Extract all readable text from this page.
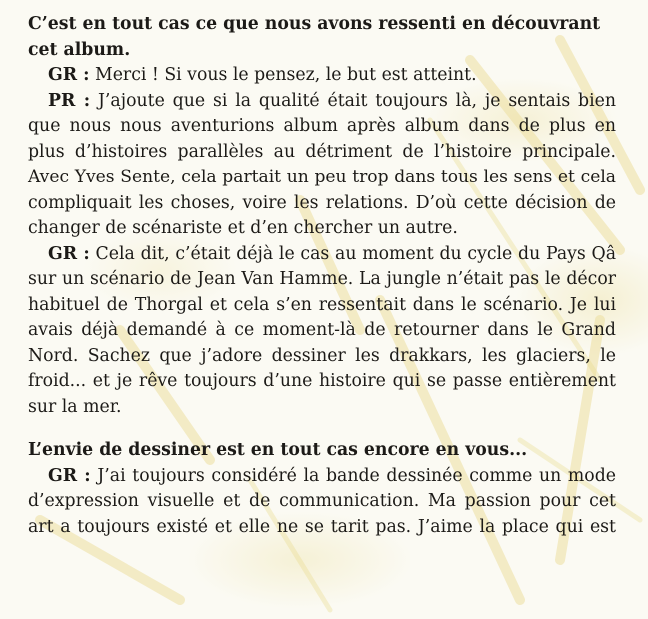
C’est en tout cas ce que nous avons ressenti en découvrant
cet album.
GR : Merci ! Si vous le pensez, le but est atteint.
PR : J’ajoute que si la qualité était toujours là, je sentais bien
que nous nous aventurions album après album dans de plus en
plus d’histoires parallèles au détriment de l’histoire principale.
Avec Yves Sente, cela partait un peu trop dans tous les sens et cela
compliquait les choses, voire les relations. D’où cette décision de
changer de scénariste et d’en chercher un autre.
GR : Cela dit, c’était déjà le cas au moment du cycle du Pays Qâ
sur un scénario de Jean Van Hamme. La jungle n’était pas le décor
habituel de Thorgal et cela s’en ressentait dans le scénario. Je lui
avais déjà demandé à ce moment-là de retourner dans le Grand
Nord. Sachez que j’adore dessiner les drakkars, les glaciers, le
froid... et je rêve toujours d’une histoire qui se passe entièrement
sur la mer.
L’envie de dessiner est en tout cas encore en vous...
GR : J’ai toujours considéré la bande dessinée comme un mode
d’expression visuelle et de communication. Ma passion pour cet
art a toujours existé et elle ne se tarit pas. J’aime la place qui est
